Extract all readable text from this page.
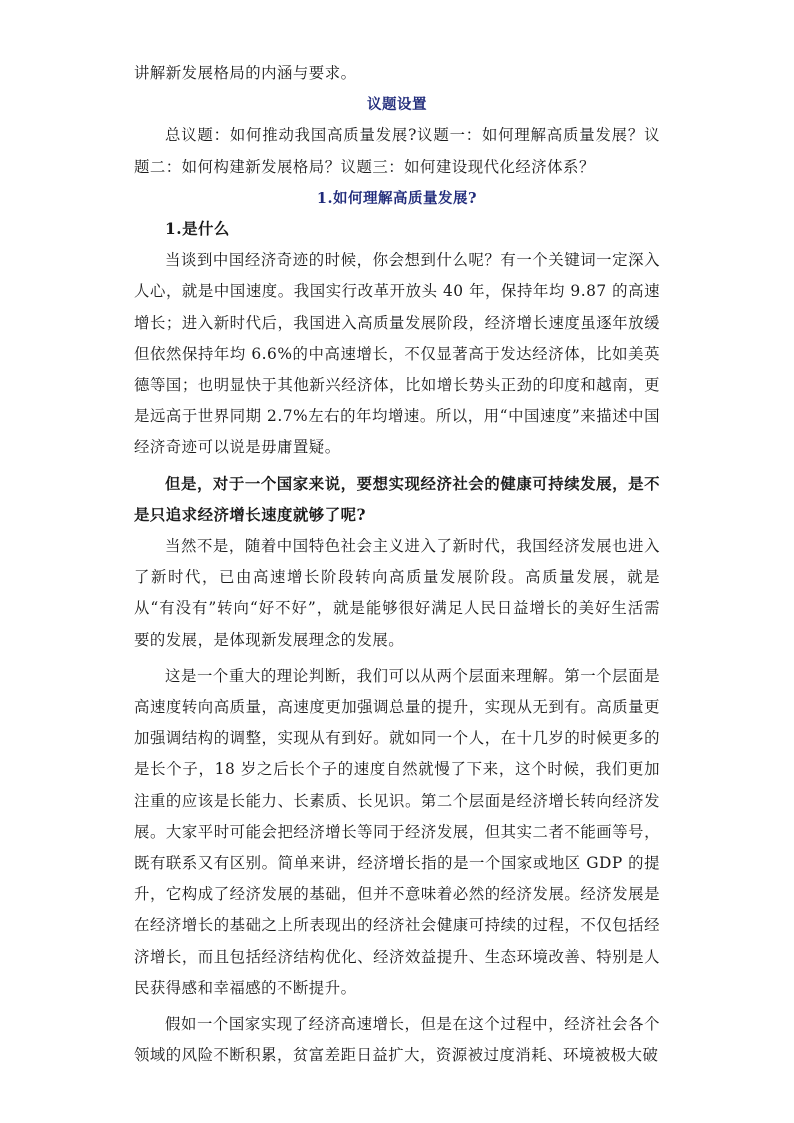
讲解新发展格局的内涵与要求。

议题设置

总议题：如何推动我国高质量发展?议题一：如何理解高质量发展？议题二：如何构建新发展格局？议题三：如何建设现代化经济体系？

1.如何理解高质量发展?

1.是什么

当谈到中国经济奇迹的时候，你会想到什么呢？有一个关键词一定深入人心，就是中国速度。我国实行改革开放头 40 年，保持年均 9.87 的高速增长；进入新时代后，我国进入高质量发展阶段，经济增长速度虽逐年放缓但依然保持年均 6.6%的中高速增长，不仅显著高于发达经济体，比如美英德等国；也明显快于其他新兴经济体，比如增长势头正劲的印度和越南，更是远高于世界同期 2.7%左右的年均增速。所以，用“中国速度”来描述中国经济奇迹可以说是毋庸置疑。

但是，对于一个国家来说，要想实现经济社会的健康可持续发展，是不是只追求经济增长速度就够了呢?

当然不是，随着中国特色社会主义进入了新时代，我国经济发展也进入了新时代，已由高速增长阶段转向高质量发展阶段。高质量发展，就是从“有没有”转向“好不好”，就是能够很好满足人民日益增长的美好生活需要的发展，是体现新发展理念的发展。

这是一个重大的理论判断，我们可以从两个层面来理解。第一个层面是高速度转向高质量，高速度更加强调总量的提升，实现从无到有。高质量更加强调结构的调整，实现从有到好。就如同一个人，在十几岁的时候更多的是长个子，18 岁之后长个子的速度自然就慢了下来，这个时候，我们更加注重的应该是长能力、长素质、长见识。第二个层面是经济增长转向经济发展。大家平时可能会把经济增长等同于经济发展，但其实二者不能画等号，既有联系又有区别。简单来讲，经济增长指的是一个国家或地区 GDP 的提升，它构成了经济发展的基础，但并不意味着必然的经济发展。经济发展是在经济增长的基础之上所表现出的经济社会健康可持续的过程，不仅包括经济增长，而且包括经济结构优化、经济效益提升、生态环境改善、特别是人民获得感和幸福感的不断提升。

假如一个国家实现了经济高速增长，但是在这个过程中，经济社会各个领域的风险不断积累，贫富差距日益扩大，资源被过度消耗、环境被极大破
